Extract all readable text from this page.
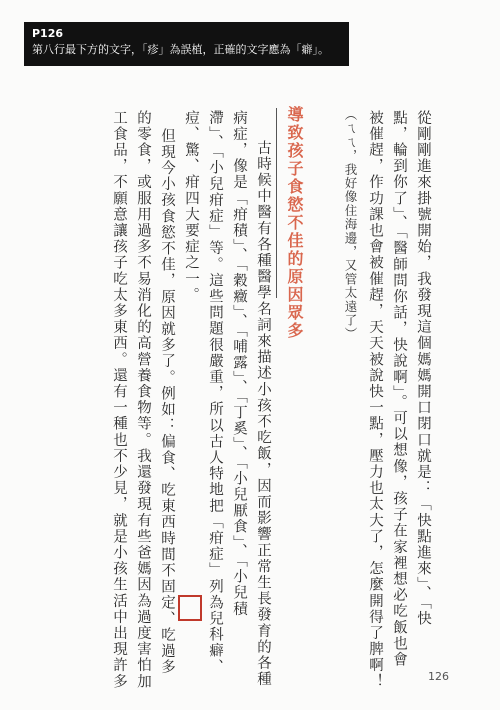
P126
第八行最下方的文字，「疹」為誤植，正確的文字應為「癖」。
從剛剛進來掛號開始，我發現這個媽媽開口閉口就是：「快點進來」、「快
點，輪到你了」、「醫師問你話，快說啊」。可以想像，孩子在家裡想必吃飯也會
被催趕，作功課也會被催趕，天天被說快一點，壓力也太大了，怎麼開得了脾啊！
（ㄟㄟ，我好像住海邊，又管太遠了）
導致孩子食慾不佳的原因眾多
古時候中醫有各種醫學名詞來描述小孩不吃飯，因而影響正常生長發育的各種
病症，像是「疳積」、「穀癥」、「哺露」、「丁奚」、「小兒厭食」、「小兒積
滯」、「小兒疳症」等。這些問題很嚴重，所以古人特地把「疳症」列為兒科癖、
痘、驚、疳四大要症之一。
但現今小孩食慾不佳，原因就多了。例如：偏食、吃東西時間不固定、吃過多
的零食，或服用過多不易消化的高營養食物等。我還發現有些爸媽因為過度害怕加
工食品，不願意讓孩子吃太多東西。還有一種也不少見，就是小孩生活中出現許多	126
